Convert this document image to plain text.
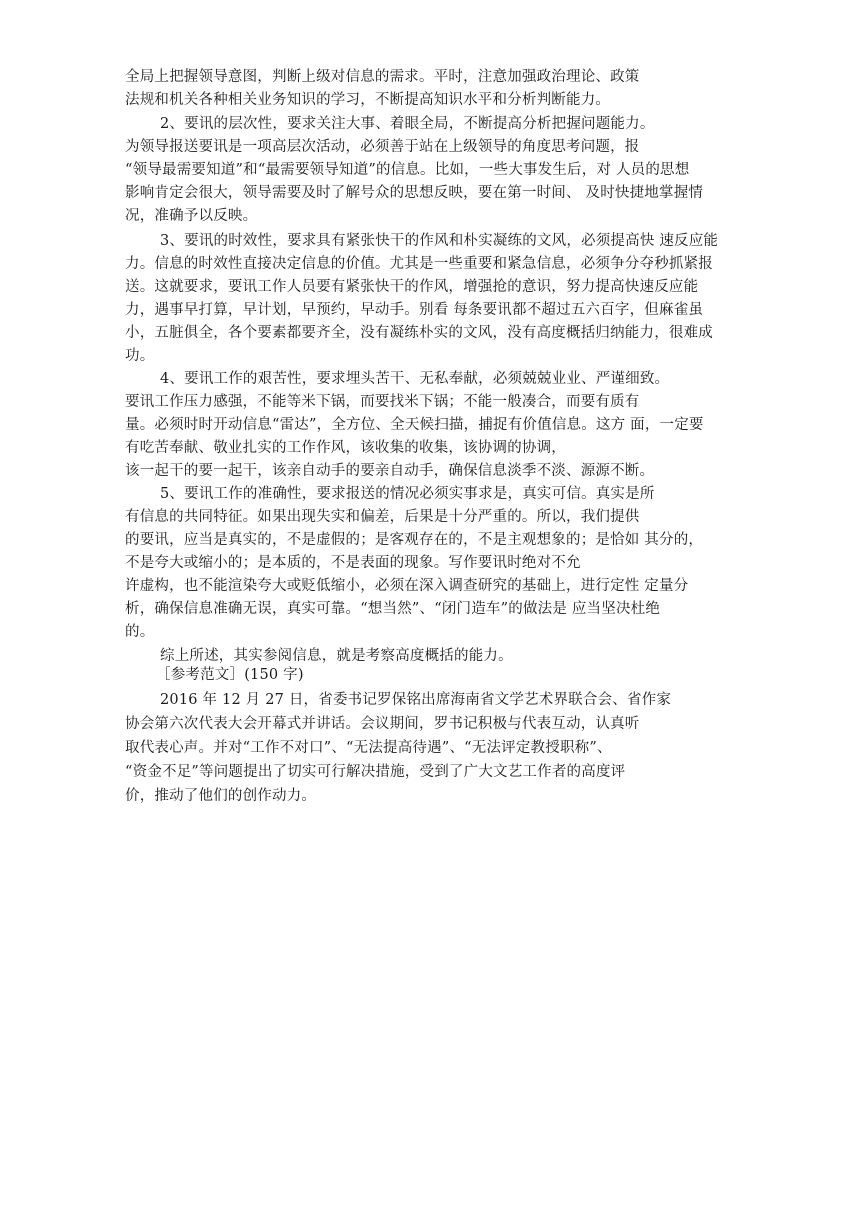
全局上把握领导意图，判断上级对信息的需求。平时，注意加强政治理论、政策
法规和机关各种相关业务知识的学习，不断提高知识水平和分析判断能力。
2、要讯的层次性，要求关注大事、着眼全局，不断提高分析把握问题能力。
为领导报送要讯是一项高层次活动，必须善于站在上级领导的角度思考问题，报
“领导最需要知道”和“最需要领导知道”的信息。比如，一些大事发生后，对 人员的思想
影响肯定会很大，领导需要及时了解号众的思想反映，要在第一时间、 及时快捷地掌握情
况，准确予以反映。
3、要讯的时效性，要求具有紧张快干的作风和朴实凝练的文风，必须提高快 速反应能
力。信息的时效性直接决定信息的价值。尤其是一些重要和紧急信息，必须争分夺秒抓紧报
送。这就要求，要讯工作人员要有紧张快干的作风，增强抢的意识，努力提高快速反应能
力，遇事早打算，早计划，早预约，早动手。别看 每条要讯都不超过五六百字，但麻雀虽
小，五脏俱全，各个要素都要齐全，没有凝练朴实的文风，没有高度概括归纳能力，很难成
功。
4、要讯工作的艰苦性，要求埋头苦干、无私奉献，必须兢兢业业、严谨细致。
要讯工作压力感强，不能等米下锅，而要找米下锅；不能一般凑合，而要有质有
量。必须时时开动信息“雷达”，全方位、全天候扫描，捕捉有价值信息。这方 面，一定要
有吃苦奉献、敬业扎实的工作作风，该收集的收集，该协调的协调，
该一起干的要一起干，该亲自动手的要亲自动手，确保信息淡季不淡、源源不断。
5、要讯工作的准确性，要求报送的情况必须实事求是，真实可信。真实是所
有信息的共同特征。如果出现失实和偏差，后果是十分严重的。所以，我们提供
的要讯，应当是真实的，不是虚假的；是客观存在的，不是主观想象的；是恰如 其分的，
不是夸大或缩小的；是本质的，不是表面的现象。写作要讯时绝对不允
许虚构，也不能渲染夸大或贬低缩小，必须在深入调查研究的基础上，进行定性 定量分
析，确保信息准确无误，真实可靠。“想当然”、“闭门造车”的做法是 应当坚决杜绝
的。
综上所述，其实参阅信息，就是考察高度概括的能力。
［参考范文］(150 字)
2016 年 12 月 27 日，省委书记罗保铭出席海南省文学艺术界联合会、省作家
协会第六次代表大会开幕式并讲话。会议期间，罗书记积极与代表互动，认真听
取代表心声。并对“工作不对口”、“无法提高待遇”、“无法评定教授职称”、
“资金不足”等问题提出了切实可行解决措施，受到了广大文艺工作者的高度评
价，推动了他们的创作动力。
